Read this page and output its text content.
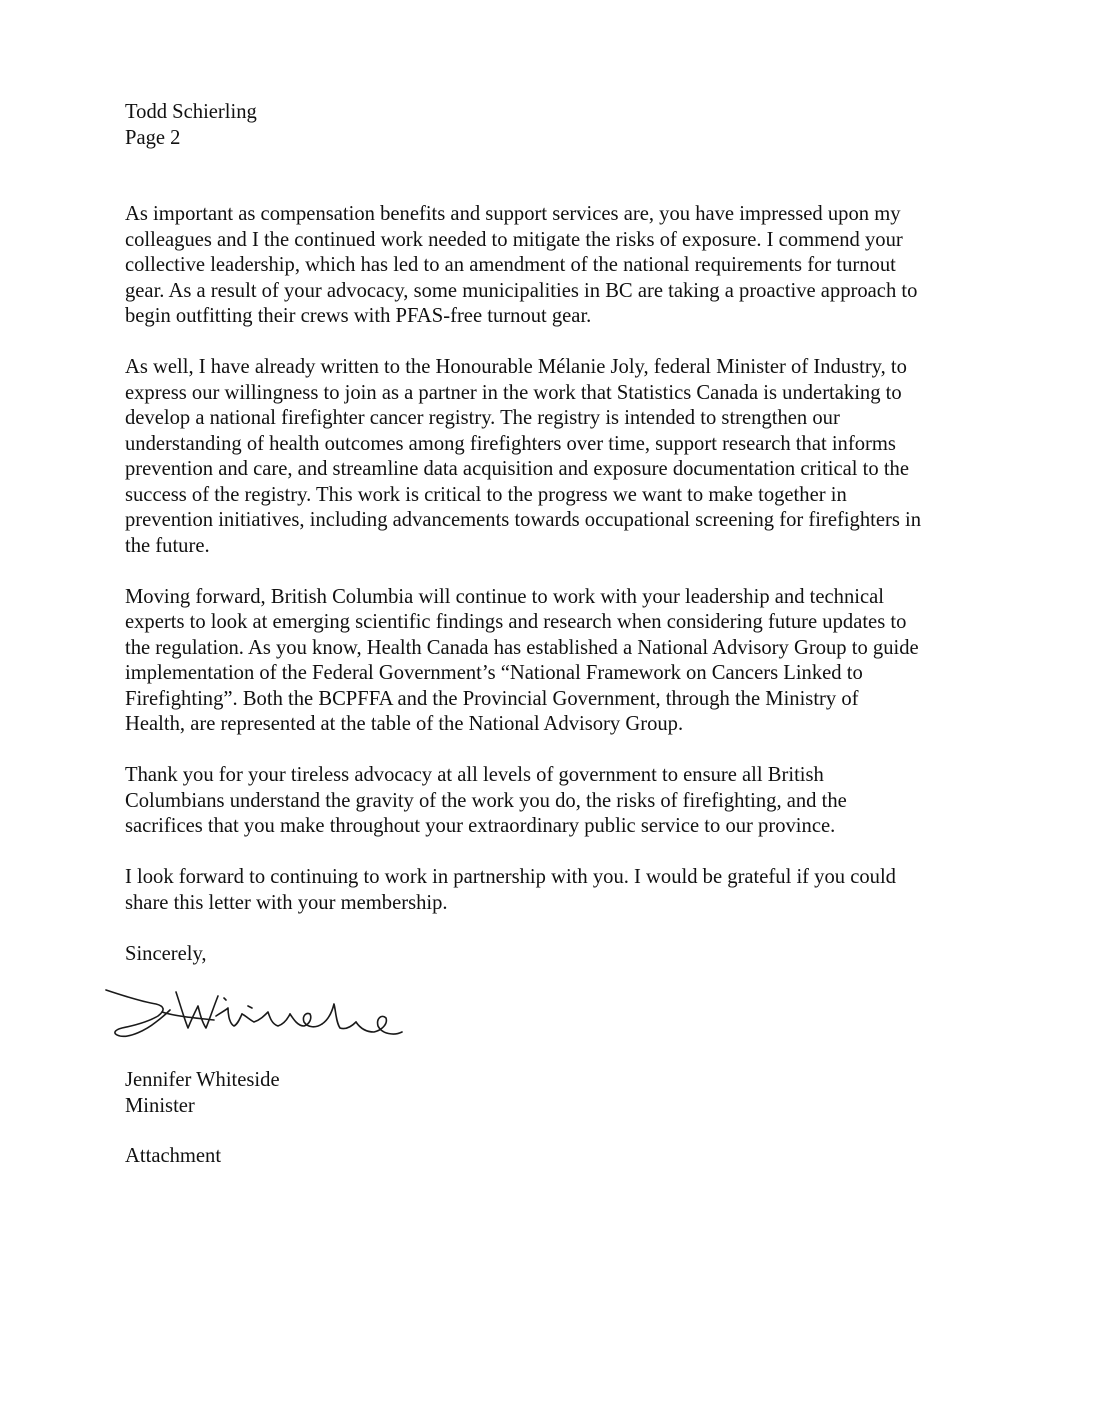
Todd Schierling
Page 2

As important as compensation benefits and support services are, you have impressed upon my
colleagues and I the continued work needed to mitigate the risks of exposure. I commend your
collective leadership, which has led to an amendment of the national requirements for turnout
gear. As a result of your advocacy, some municipalities in BC are taking a proactive approach to
begin outfitting their crews with PFAS-free turnout gear.

As well, I have already written to the Honourable Mélanie Joly, federal Minister of Industry, to
express our willingness to join as a partner in the work that Statistics Canada is undertaking to
develop a national firefighter cancer registry. The registry is intended to strengthen our
understanding of health outcomes among firefighters over time, support research that informs
prevention and care, and streamline data acquisition and exposure documentation critical to the
success of the registry. This work is critical to the progress we want to make together in
prevention initiatives, including advancements towards occupational screening for firefighters in
the future.

Moving forward, British Columbia will continue to work with your leadership and technical
experts to look at emerging scientific findings and research when considering future updates to
the regulation. As you know, Health Canada has established a National Advisory Group to guide
implementation of the Federal Government’s “National Framework on Cancers Linked to
Firefighting”. Both the BCPFFA and the Provincial Government, through the Ministry of
Health, are represented at the table of the National Advisory Group.

Thank you for your tireless advocacy at all levels of government to ensure all British
Columbians understand the gravity of the work you do, the risks of firefighting, and the
sacrifices that you make throughout your extraordinary public service to our province.

I look forward to continuing to work in partnership with you. I would be grateful if you could
share this letter with your membership.

Sincerely,

Jennifer Whiteside
Minister
Attachment
